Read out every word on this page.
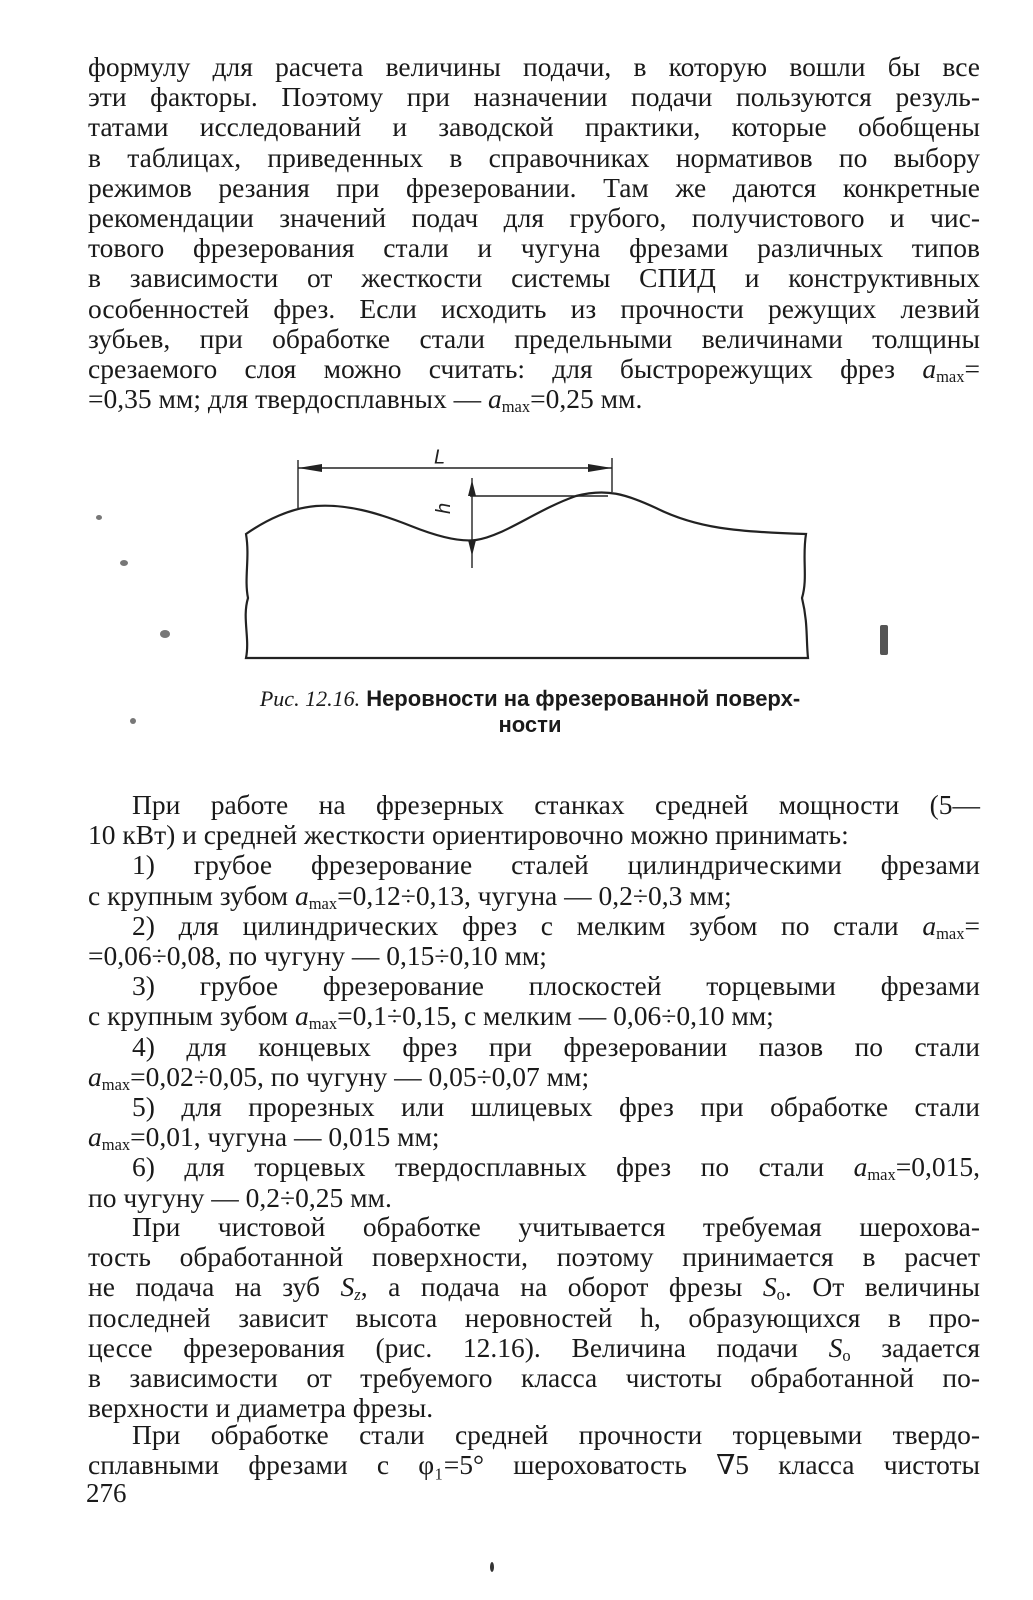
формулу для расчета величины подачи, в которую вошли бы все
эти факторы. Поэтому при назначении подачи пользуются резуль-
татами исследований и заводской практики, которые обобщены
в таблицах, приведенных в справочниках нормативов по выбору
режимов резания при фрезеровании. Там же даются конкретные
рекомендации значений подач для грубого, получистового и чис-
тового фрезерования стали и чугуна фрезами различных типов
в зависимости от жесткости системы СПИД и конструктивных
особенностей фрез. Если исходить из прочности режущих лезвий
зубьев, при обработке стали предельными величинами толщины
срезаемого слоя можно считать: для быстрорежущих фрез $a_{max}=$
=0,35 мм; для твердосплавных — $a_{max}=0,25$ мм.
L
h
Рис. 12.16. Неровности на фрезерованной поверх-
ности
При работе на фрезерных станках средней мощности (5—
10 кВт) и средней жесткости ориентировочно можно принимать:
1) грубое фрезерование сталей цилиндрическими фрезами
с крупным зубом $a_{max}=0,12\div 0,13$, чугуна — 0,2÷0,3 мм;
2) для цилиндрических фрез с мелким зубом по стали $a_{max}=$
=0,06÷0,08, по чугуну — 0,15÷0,10 мм;
3) грубое фрезерование плоскостей торцевыми фрезами
с крупным зубом $a_{max}=0,1\div 0,15$, с мелким — 0,06÷0,10 мм;
4) для концевых фрез при фрезеровании пазов по стали
$a_{max}=0,02\div 0,05$, по чугуну — 0,05÷0,07 мм;
5) для прорезных или шлицевых фрез при обработке стали
$a_{max}=0,01$, чугуна — 0,015 мм;
6) для торцевых твердосплавных фрез по стали $a_{max}=0,015$,
по чугуну — 0,2÷0,25 мм.
При чистовой обработке учитывается требуемая шерохова-
тость обработанной поверхности, поэтому принимается в расчет
не подача на зуб $S_z$, а подача на оборот фрезы $S_o$. От величины
последней зависит высота неровностей h, образующихся в про-
цессе фрезерования (рис. 12.16). Величина подачи $S_o$ задается
в зависимости от требуемого класса чистоты обработанной по-
верхности и диаметра фрезы.
При обработке стали средней прочности торцевыми твердо-
сплавными фрезами с φ₁=5° шероховатость ∇5 класса чистоты
276
